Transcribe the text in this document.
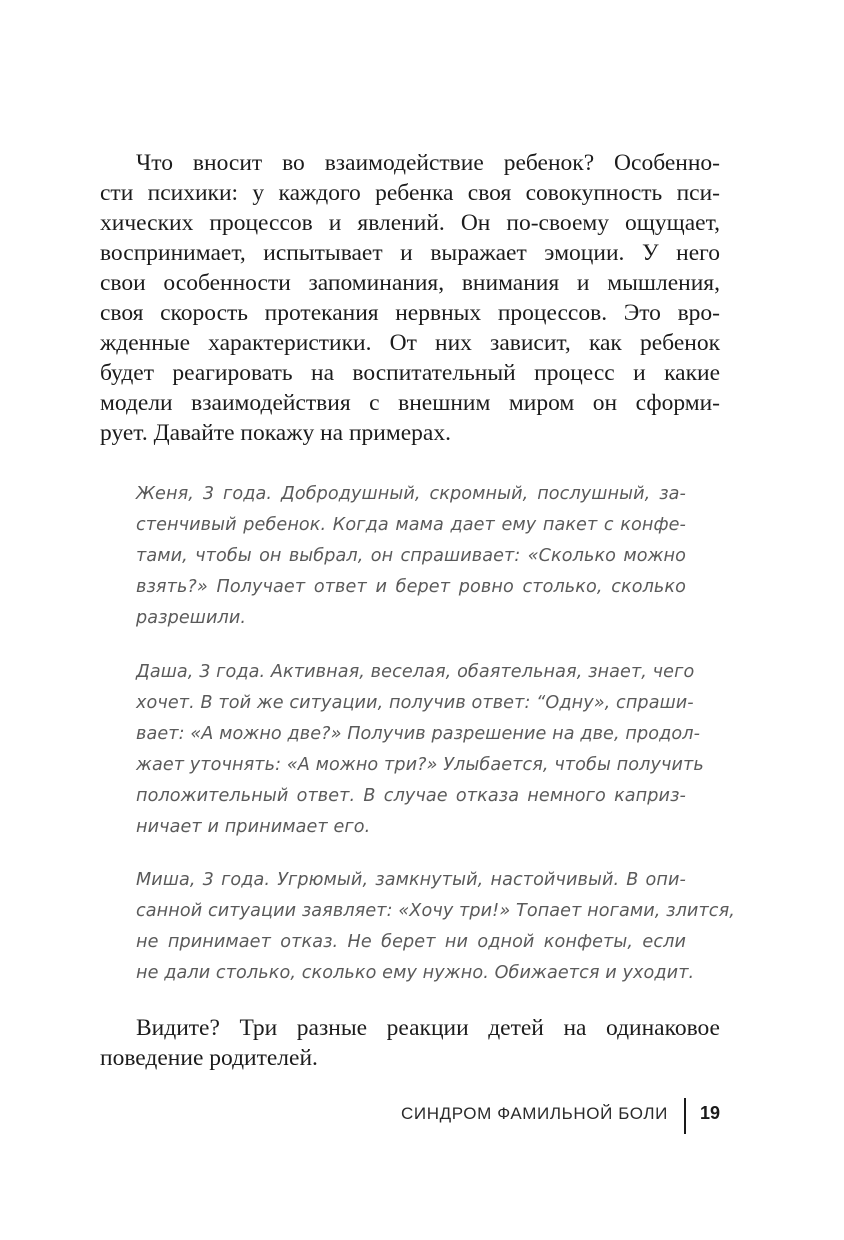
Что вносит во взаимодействие ребенок? Особенно-
сти психики: у каждого ребенка своя совокупность пси-
хических процессов и явлений. Он по-своему ощущает,
воспринимает, испытывает и выражает эмоции. У него
свои особенности запоминания, внимания и мышления,
своя скорость протекания нервных процессов. Это вро-
жденные характеристики. От них зависит, как ребенок
будет реагировать на воспитательный процесс и какие
модели взаимодействия с внешним миром он сформи-
рует. Давайте покажу на примерах.
Женя, 3 года. Добродушный, скромный, послушный, за-
стенчивый ребенок. Когда мама дает ему пакет с конфе-
тами, чтобы он выбрал, он спрашивает: «Сколько можно
взять?» Получает ответ и берет ровно столько, сколько
разрешили.
Даша, 3 года. Активная, веселая, обаятельная, знает, чего
хочет. В той же ситуации, получив ответ: “Одну», спраши-
вает: «А можно две?» Получив разрешение на две, продол-
жает уточнять: «А можно три?» Улыбается, чтобы получить
положительный ответ. В случае отказа немного каприз-
ничает и принимает его.
Миша, 3 года. Угрюмый, замкнутый, настойчивый. В опи-
санной ситуации заявляет: «Хочу три!» Топает ногами, злится,
не принимает отказ. Не берет ни одной конфеты, если
не дали столько, сколько ему нужно. Обижается и уходит.
Видите? Три разные реакции детей на одинаковое
поведение родителей.
СИНДРОМ ФАМИЛЬНОЙ БОЛИ 19
